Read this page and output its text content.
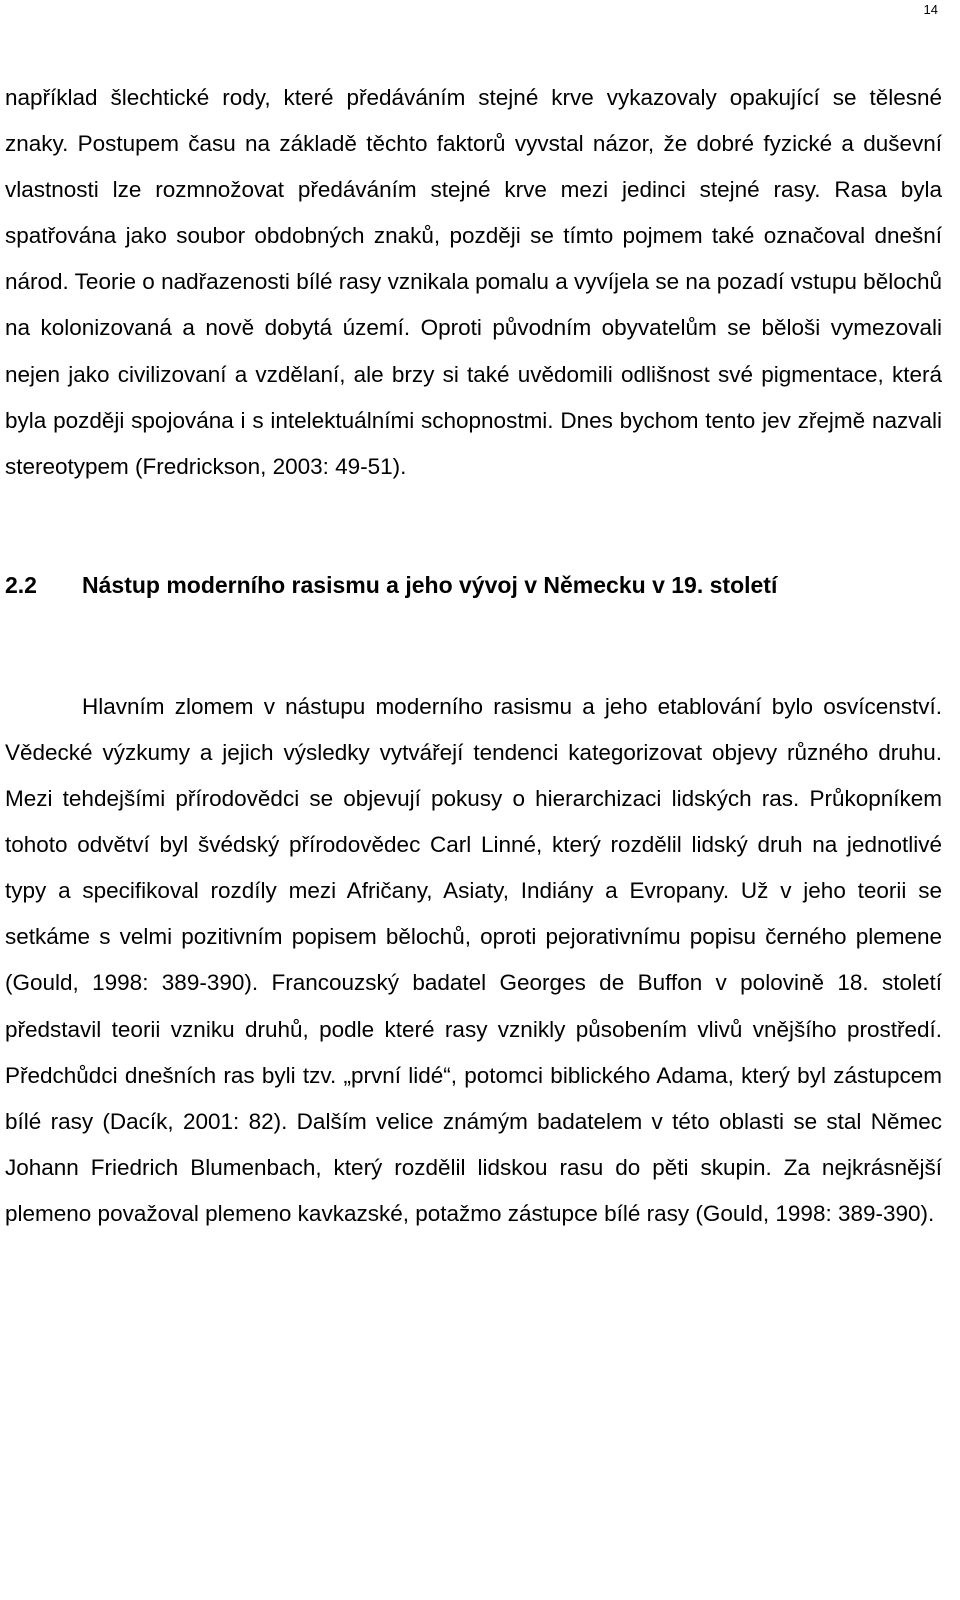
14

například šlechtické rody, které předáváním stejné krve vykazovaly opakující se tělesné znaky. Postupem času na základě těchto faktorů vyvstal názor, že dobré fyzické a duševní vlastnosti lze rozmnožovat předáváním stejné krve mezi jedinci stejné rasy. Rasa byla spatřována jako soubor obdobných znaků, později se tímto pojmem také označoval dnešní národ. Teorie o nadřazenosti bílé rasy vznikala pomalu a vyvíjela se na pozadí vstupu bělochů na kolonizovaná a nově dobytá území. Oproti původním obyvatelům se běloši vymezovali nejen jako civilizovaní a vzdělaní, ale brzy si také uvědomili odlišnost své pigmentace, která byla později spojována i s intelektuálními schopnostmi. Dnes bychom tento jev zřejmě nazvali stereotypem (Fredrickson, 2003: 49-51).

2.2	Nástup moderního rasismu a jeho vývoj v Německu v 19. století

Hlavním zlomem v nástupu moderního rasismu a jeho etablování bylo osvícenství. Vědecké výzkumy a jejich výsledky vytvářejí tendenci kategorizovat objevy různého druhu. Mezi tehdejšími přírodovědci se objevují pokusy o hierarchizaci lidských ras. Průkopníkem tohoto odvětví byl švédský přírodovědec Carl Linné, který rozdělil lidský druh na jednotlivé typy a specifikoval rozdíly mezi Afričany, Asiaty, Indiány a Evropany. Už v jeho teorii se setkáme s velmi pozitivním popisem bělochů, oproti pejorativnímu popisu černého plemene (Gould, 1998: 389-390). Francouzský badatel Georges de Buffon v polovině 18. století představil teorii vzniku druhů, podle které rasy vznikly působením vlivů vnějšího prostředí. Předchůdci dnešních ras byli tzv. „první lidé“, potomci biblického Adama, který byl zástupcem bílé rasy (Dacík, 2001: 82). Dalším velice známým badatelem v této oblasti se stal Němec Johann Friedrich Blumenbach, který rozdělil lidskou rasu do pěti skupin. Za nejkrásnější plemeno považoval plemeno kavkazské, potažmo zástupce bílé rasy (Gould, 1998: 389-390).
